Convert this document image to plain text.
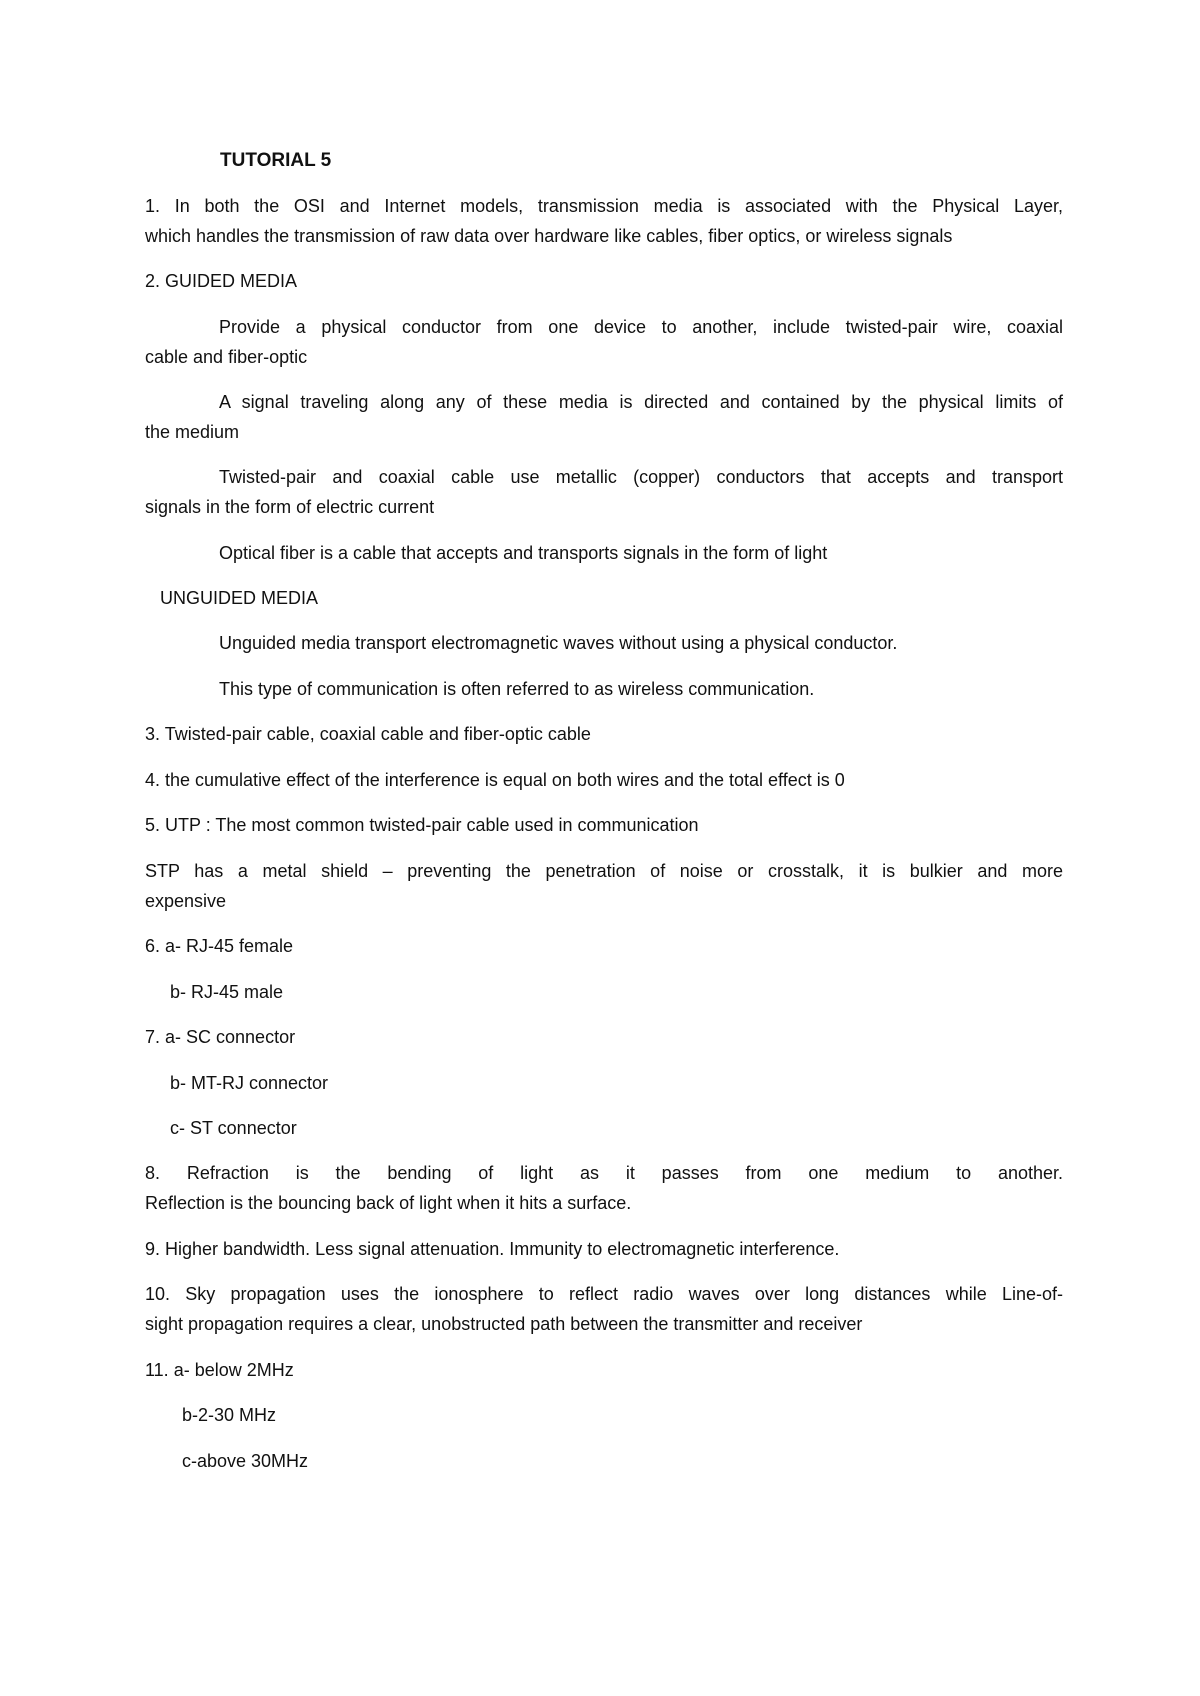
TUTORIAL 5
1. In both the OSI and Internet models, transmission media is associated with the Physical Layer,
which handles the transmission of raw data over hardware like cables, fiber optics, or wireless signals
2. GUIDED MEDIA
Provide a physical conductor from one device to another, include twisted-pair wire, coaxial
cable and fiber-optic
A signal traveling along any of these media is directed and contained by the physical limits of
the medium
Twisted-pair and coaxial cable use metallic (copper) conductors that accepts and transport
signals in the form of electric current
Optical fiber is a cable that accepts and transports signals in the form of light
UNGUIDED MEDIA
Unguided media transport electromagnetic waves without using a physical conductor.
This type of communication is often referred to as wireless communication.
3. Twisted-pair cable, coaxial cable and fiber-optic cable
4. the cumulative effect of the interference is equal on both wires and the total effect is 0
5. UTP : The most common twisted-pair cable used in communication
STP has a metal shield – preventing the penetration of noise or crosstalk, it is bulkier and more
expensive
6. a- RJ-45 female
b- RJ-45 male
7. a- SC connector
b- MT-RJ connector
c- ST connector
8. Refraction is the bending of light as it passes from one medium to another.
Reflection is the bouncing back of light when it hits a surface.
9. Higher bandwidth. Less signal attenuation. Immunity to electromagnetic interference.
10. Sky propagation uses the ionosphere to reflect radio waves over long distances while Line-of-
sight propagation requires a clear, unobstructed path between the transmitter and receiver
11. a- below 2MHz
b-2-30 MHz
c-above 30MHz
